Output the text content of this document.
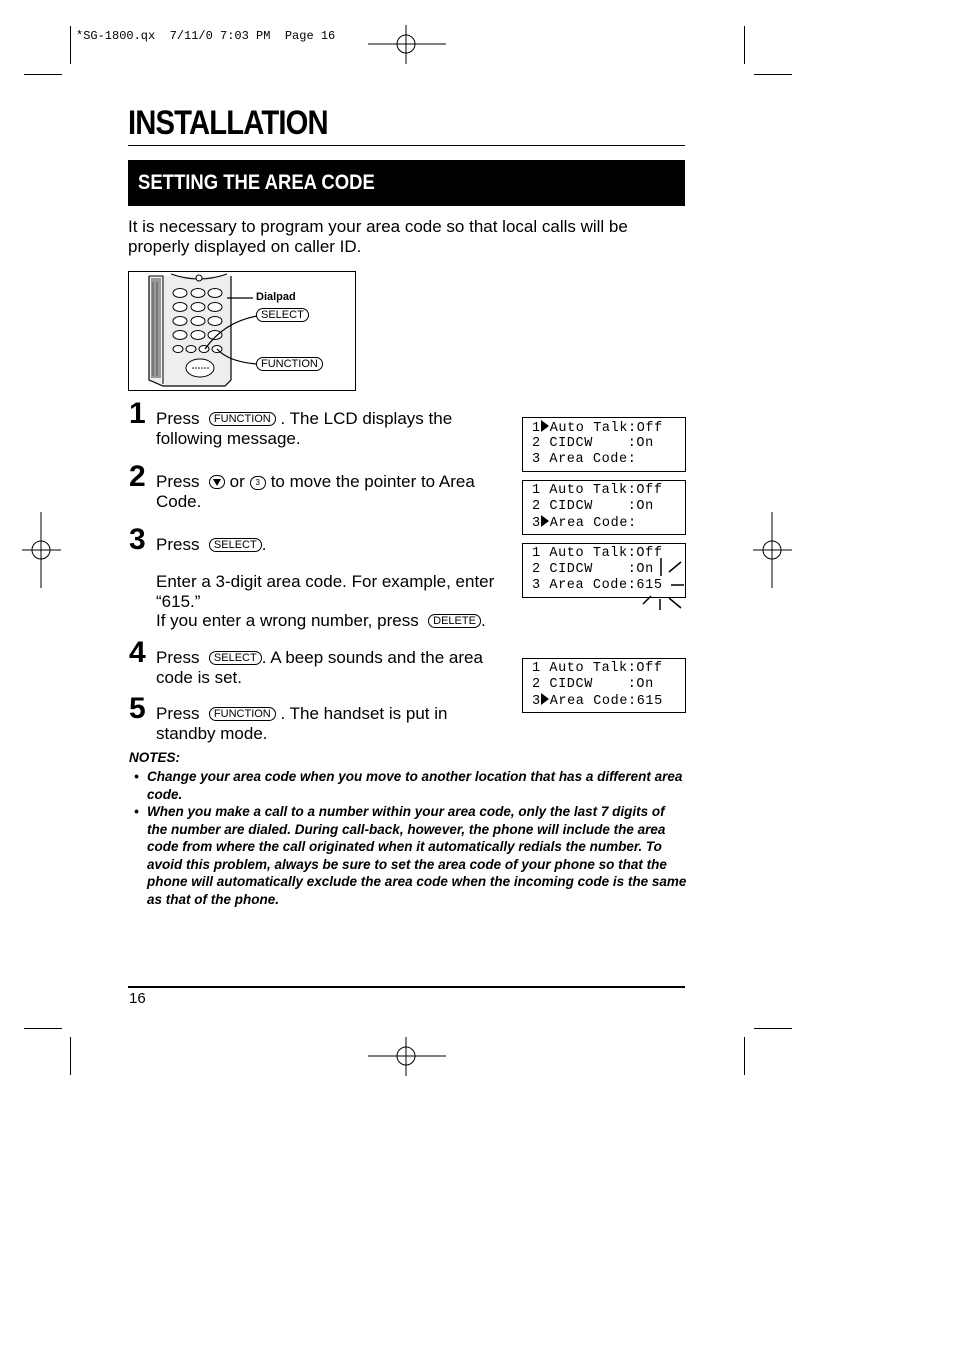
*SG-1800.qx  7/11/0 7:03 PM  Page 16
INSTALLATION
SETTING THE AREA CODE
It is necessary to program your area code so that local calls will be properly displayed on caller ID.
Dialpad
SELECT
FUNCTION
1 Press FUNCTION . The LCD displays the following message.
2 Press or 3 to move the pointer to Area Code.
3 Press SELECT .
Enter a 3-digit area code. For example, enter “615.”
If you enter a wrong number, press DELETE .
4 Press SELECT . A beep sounds and the area code is set.
5 Press FUNCTION . The handset is put in standby mode.
1 Auto Talk:Off
2 CIDCW    :On
3 Area Code:
1 Auto Talk:Off
2 CIDCW    :On
3 Area Code:
1 Auto Talk:Off
2 CIDCW    :On
3 Area Code:615
1 Auto Talk:Off
2 CIDCW    :On
3 Area Code:615
NOTES:
• Change your area code when you move to another location that has a different area code.
• When you make a call to a number within your area code, only the last 7 digits of the number are dialed. During call-back, however, the phone will include the area code from where the call originated when it automatically redials the number. To avoid this problem, always be sure to set the area code of your phone so that the phone will automatically exclude the area code when the incoming code is the same as that of the phone.
16
